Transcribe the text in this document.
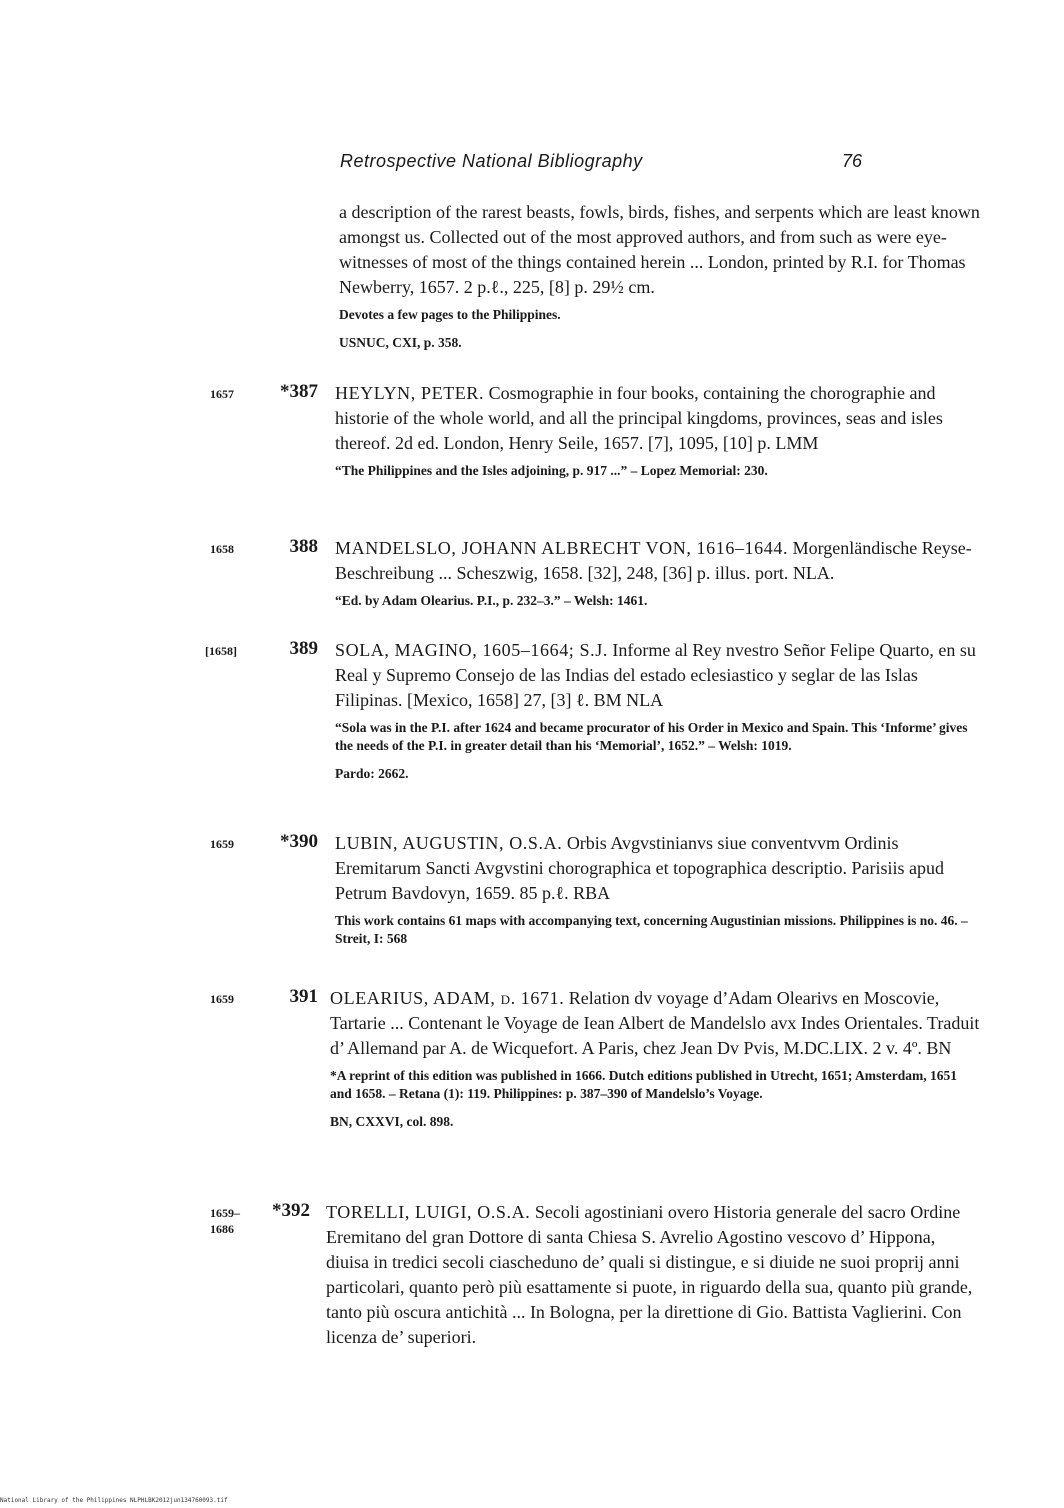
Retrospective National Bibliography	76
a description of the rarest beasts, fowls, birds, fishes, and serpents which are least known amongst us. Collected out of the most approved authors, and from such as were eye-witnesses of most of the things contained herein ... London, printed by R.I. for Thomas Newberry, 1657. 2 p.ℓ., 225, [8] p. 29½ cm.
Devotes a few pages to the Philippines.
USNUC, CXI, p. 358.
1657	*387 HEYLYN, PETER. Cosmographie in four books, containing the chorographie and historie of the whole world, and all the principal kingdoms, provinces, seas and isles thereof. 2d ed. London, Henry Seile, 1657. [7], 1095, [10] p. LMM
“The Philippines and the Isles adjoining, p. 917 ...” – Lopez Memorial: 230.
1658	388 MANDELSLO, JOHANN ALBRECHT VON, 1616–1644. Morgenländische Reyse-Beschreibung ... Scheszwig, 1658. [32], 248, [36] p. illus. port. NLA.
“Ed. by Adam Olearius. P.I., p. 232–3.” – Welsh: 1461.
[1658]	389 SOLA, MAGINO, 1605–1664; S.J. Informe al Rey nvestro Señor Felipe Quarto, en su Real y Supremo Consejo de las Indias del estado eclesiastico y seglar de las Islas Filipinas. [Mexico, 1658] 27, [3] ℓ. BM NLA
“Sola was in the P.I. after 1624 and became procurator of his Order in Mexico and Spain. This ‘Informe’ gives the needs of the P.I. in greater detail than his ‘Memorial’, 1652.” – Welsh: 1019.
Pardo: 2662.
1659	*390 LUBIN, AUGUSTIN, O.S.A. Orbis Avgvstinianvs siue conventvvm Ordinis Eremitarum Sancti Avgvstini chorographica et topographica descriptio. Parisiis apud Petrum Bavdovyn, 1659. 85 p.ℓ. RBA
This work contains 61 maps with accompanying text, concerning Augustinian missions. Philippines is no. 46. – Streit, I: 568
1659	391 OLEARIUS, ADAM, d. 1671. Relation dv voyage d’Adam Olearivs en Moscovie, Tartarie ... Contenant le Voyage de Iean Albert de Mandelslo avx Indes Orientales. Traduit d’ Allemand par A. de Wicquefort. A Paris, chez Jean Dv Pvis, M.DC.LIX. 2 v. 4º. BN
*A reprint of this edition was published in 1666. Dutch editions published in Utrecht, 1651; Amsterdam, 1651 and 1658. – Retana (1): 119. Philippines: p. 387–390 of Mandelslo’s Voyage.
BN, CXXVI, col. 898.
1659–
1686
*392 TORELLI, LUIGI, O.S.A. Secoli agostiniani overo Historia generale del sacro Ordine Eremitano del gran Dottore di santa Chiesa S. Avrelio Agostino vescovo d’ Hippona, diuisa in tredici secoli ciascheduno de’ quali si distingue, e si diuide ne suoi proprij anni particolari, quanto però più esattamente si puote, in riguardo della sua, quanto più grande, tanto più oscura antichità ... In Bologna, per la direttione di Gio. Battista Vaglierini. Con licenza de’ superiori.
National Library of the Philippines NLPHLBK2012jun134760093.tif
